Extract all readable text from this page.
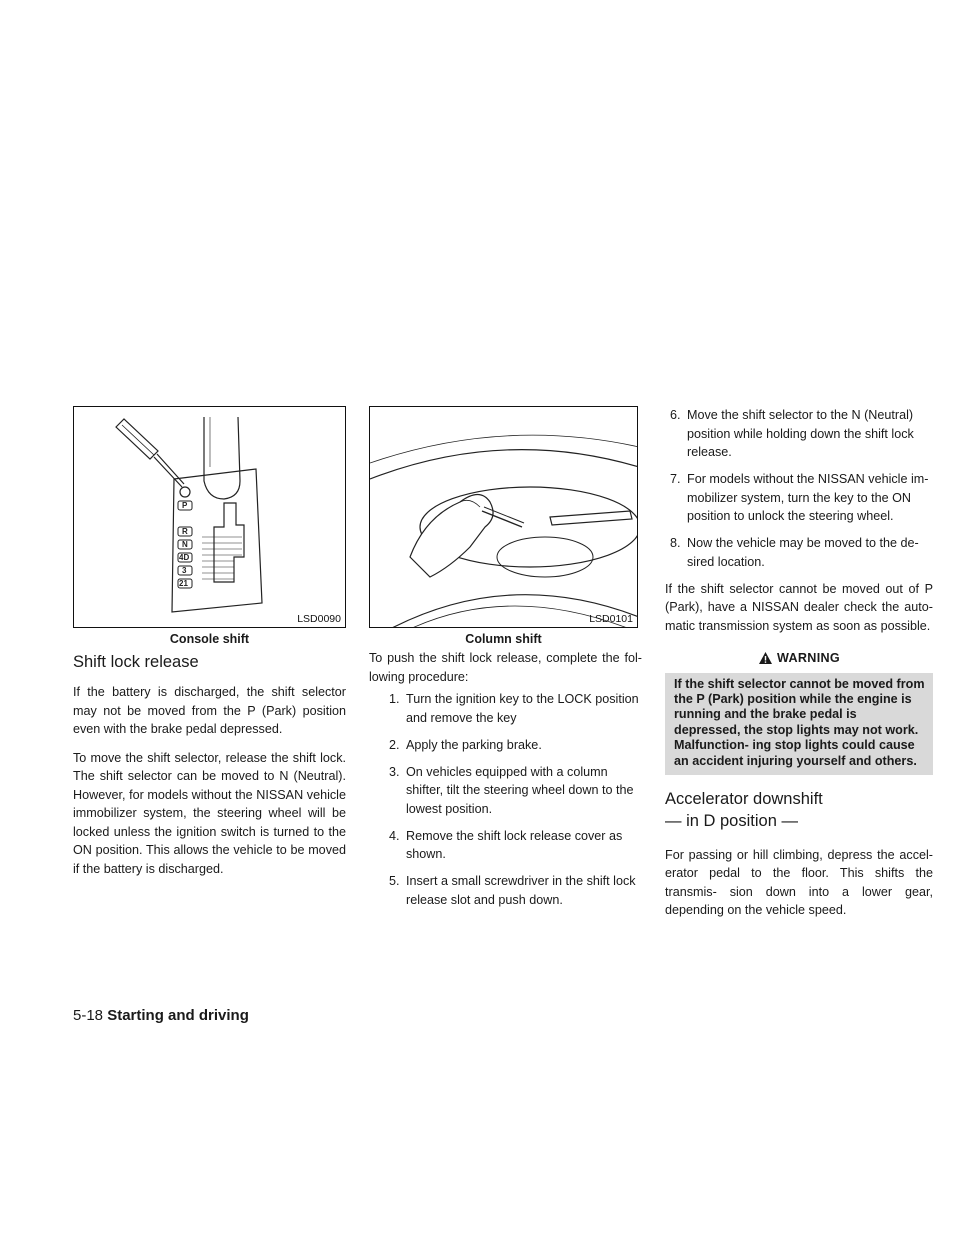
P
R
N
4D
3
21
LSD0090
Console shift
LSD0101
Column shift
Shift lock release

If the battery is discharged, the shift selector may not be moved from the P (Park) position even with the brake pedal depressed.

To move the shift selector, release the shift lock. The shift selector can be moved to N (Neutral). However, for models without the NISSAN vehicle immobilizer system, the steering wheel will be locked unless the ignition switch is turned to the ON position. This allows the vehicle to be moved if the battery is discharged.

To push the shift lock release, complete the fol- lowing procedure:

1. Turn the ignition key to the LOCK position and remove the key
2. Apply the parking brake.
3. On vehicles equipped with a column shifter, tilt the steering wheel down to the lowest position.
4. Remove the shift lock release cover as shown.
5. Insert a small screwdriver in the shift lock release slot and push down.
6. Move the shift selector to the N (Neutral) position while holding down the shift lock release.
7. For models without the NISSAN vehicle im- mobilizer system, turn the key to the ON position to unlock the steering wheel.
8. Now the vehicle may be moved to the de- sired location.

If the shift selector cannot be moved out of P (Park), have a NISSAN dealer check the auto- matic transmission system as soon as possible.

WARNING
If the shift selector cannot be moved from the P (Park) position while the engine is running and the brake pedal is depressed, the stop lights may not work. Malfunction- ing stop lights could cause an accident injuring yourself and others.
Accelerator downshift
— in D position —

For passing or hill climbing, depress the accel- erator pedal to the floor. This shifts the transmis- sion down into a lower gear, depending on the vehicle speed.

5-18 Starting and driving
